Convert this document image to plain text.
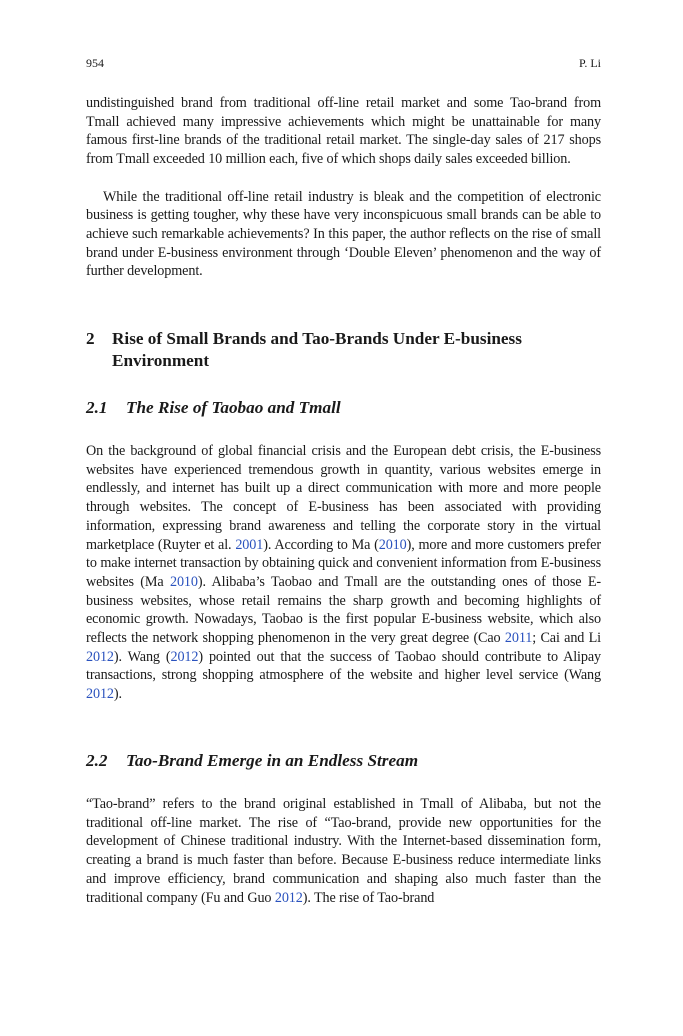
954	P. Li

undistinguished brand from traditional off-line retail market and some Tao-brand from Tmall achieved many impressive achievements which might be unattainable for many famous first-line brands of the traditional retail market. The single-day sales of 217 shops from Tmall exceeded 10 million each, five of which shops daily sales exceeded billion.

While the traditional off-line retail industry is bleak and the competition of electronic business is getting tougher, why these have very inconspicuous small brands can be able to achieve such remarkable achievements? In this paper, the author reflects on the rise of small brand under E-business environment through ‘Double Eleven’ phenomenon and the way of further development.

2	Rise of Small Brands and Tao-Brands Under E-business Environment
2.1 The Rise of Taobao and Tmall

On the background of global financial crisis and the European debt crisis, the E-business websites have experienced tremendous growth in quantity, various websites emerge in endlessly, and internet has built up a direct communication with more and more people through websites. The concept of E-business has been associated with providing information, expressing brand awareness and telling the corporate story in the virtual marketplace (Ruyter et al. 2001). According to Ma (2010), more and more customers prefer to make internet transaction by obtaining quick and convenient information from E-business websites (Ma 2010). Alibaba’s Taobao and Tmall are the outstanding ones of those E-business websites, whose retail remains the sharp growth and becoming highlights of economic growth. Nowadays, Taobao is the first popular E-business website, which also reflects the network shopping phenomenon in the very great degree (Cao 2011; Cai and Li 2012). Wang (2012) pointed out that the success of Taobao should contribute to Alipay transactions, strong shopping atmosphere of the website and higher level service (Wang 2012).

2.2 Tao-Brand Emerge in an Endless Stream

“Tao-brand” refers to the brand original established in Tmall of Alibaba, but not the traditional off-line market. The rise of “Tao-brand, provide new opportunities for the development of Chinese traditional industry. With the Internet-based dissemination form, creating a brand is much faster than before. Because E-business reduce intermediate links and improve efficiency, brand communication and shaping also much faster than the traditional company (Fu and Guo 2012). The rise of Tao-brand
